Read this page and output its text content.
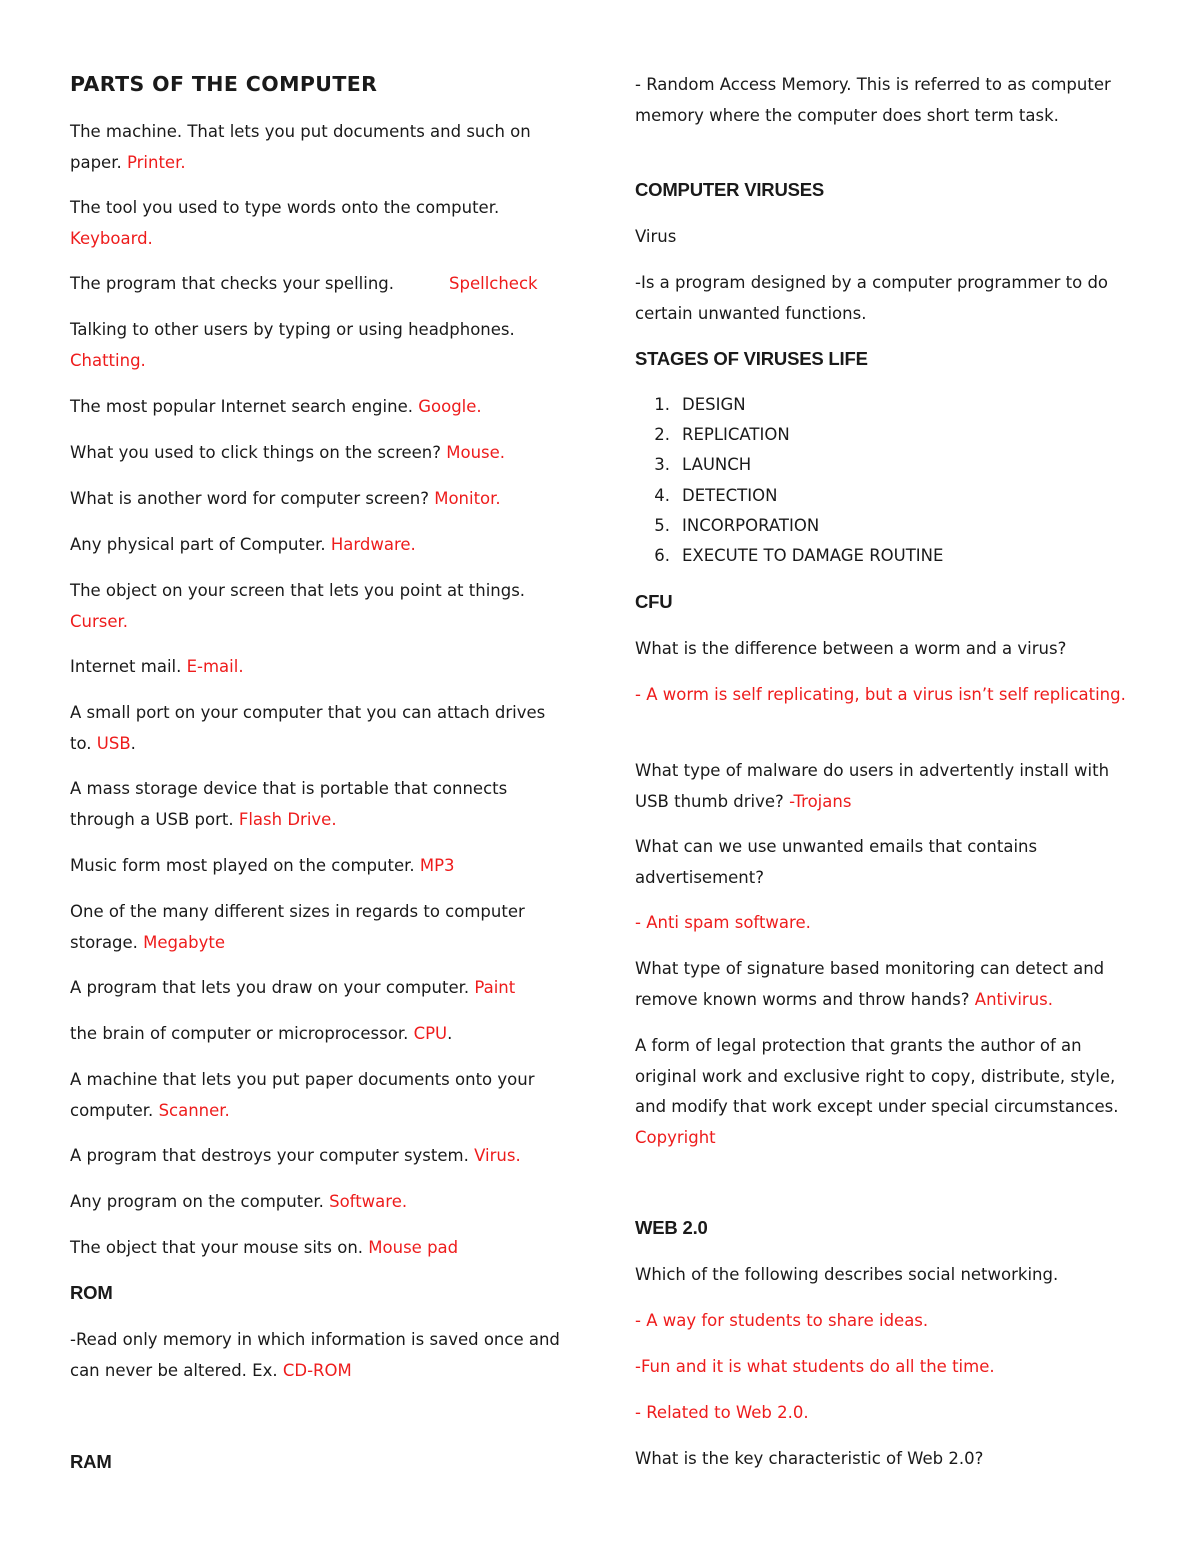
PARTS OF THE COMPUTER

The machine. That lets you put documents and such on paper. Printer.

The tool you used to type words onto the computer. Keyboard.

The program that checks your spelling.	Spellcheck

Talking to other users by typing or using headphones. Chatting.

The most popular Internet search engine. Google.

What you used to click things on the screen? Mouse.

What is another word for computer screen? Monitor.

Any physical part of Computer. Hardware.

The object on your screen that lets you point at things. Curser.

Internet mail. E-mail.

A small port on your computer that you can attach drives to. USB.

A mass storage device that is portable that connects through a USB port. Flash Drive.

Music form most played on the computer. MP3

One of the many different sizes in regards to computer storage. Megabyte

A program that lets you draw on your computer. Paint

the brain of computer or microprocessor. CPU.

A machine that lets you put paper documents onto your computer. Scanner.

A program that destroys your computer system. Virus.

Any program on the computer. Software.

The object that your mouse sits on. Mouse pad

ROM

-Read only memory in which information is saved once and can never be altered. Ex. CD-ROM

RAM

- Random Access Memory. This is referred to as computer memory where the computer does short term task.

COMPUTER VIRUSES

Virus

-Is a program designed by a computer programmer to do certain unwanted functions.

STAGES OF VIRUSES LIFE
1. DESIGN
2. REPLICATION
3. LAUNCH
4. DETECTION
5. INCORPORATION
6. EXECUTE TO DAMAGE ROUTINE
CFU

What is the difference between a worm and a virus?

- A worm is self replicating, but a virus isn’t self replicating.

What type of malware do users in advertently install with USB thumb drive? -Trojans

What can we use unwanted emails that contains advertisement?

- Anti spam software.

What type of signature based monitoring can detect and remove known worms and throw hands? Antivirus.

A form of legal protection that grants the author of an original work and exclusive right to copy, distribute, style, and modify that work except under special circumstances. Copyright

WEB 2.0

Which of the following describes social networking.

- A way for students to share ideas.

-Fun and it is what students do all the time.

- Related to Web 2.0.

What is the key characteristic of Web 2.0?
